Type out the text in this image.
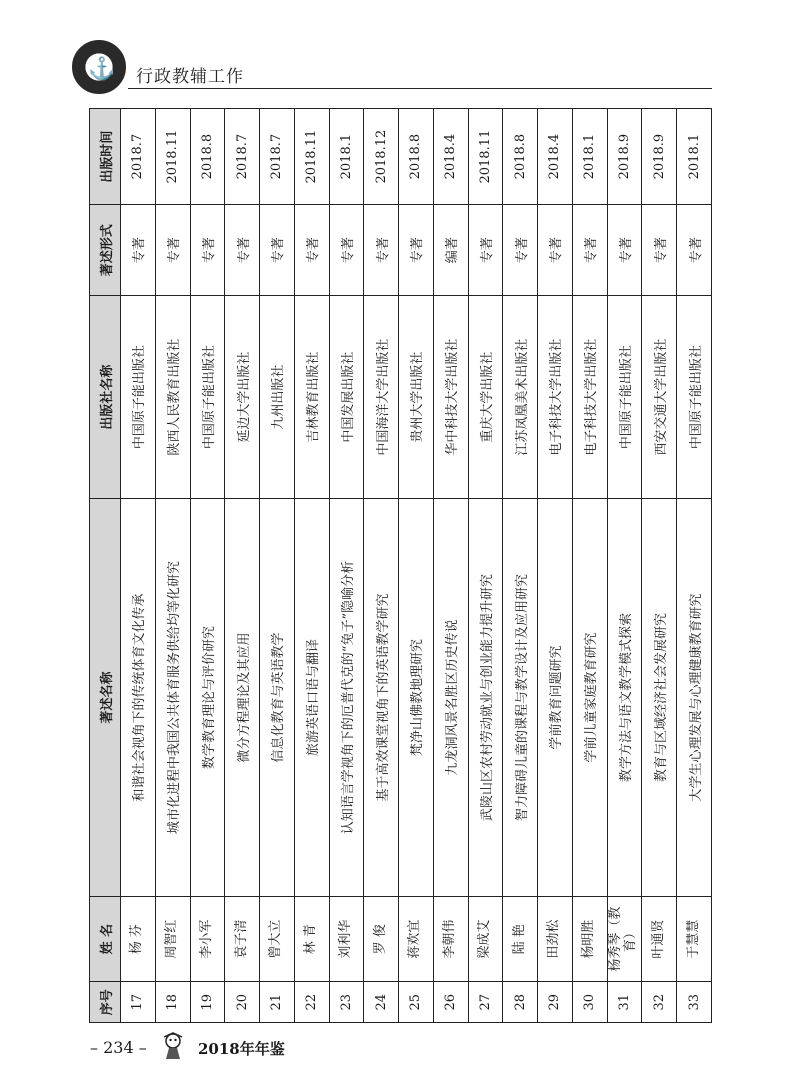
⚓ 行政教辅工作
序号	姓 名	著述名称	出版社名称	著述形式	出版时间
17	杨 芬	和谐社会视角下的传统体育文化传承	中国原子能出版社	专著	2018.7
18	周智红	城市化进程中我国公共体育服务供给均等化研究	陕西人民教育出版社	专著	2018.11
19	李小军	数学教育理论与评价研究	中国原子能出版社	专著	2018.8
20	袁子清	微分方程理论及其应用	延边大学出版社	专著	2018.7
21	曾大立	信息化教育与英语教学	九州出版社	专著	2018.7
22	林 青	旅游英语口语与翻译	吉林教育出版社	专著	2018.11
23	刘利华	认知语言学视角下的厄普代克的“兔子”隐喻分析	中国发展出版社	专著	2018.1
24	罗 俊	基于高效课堂视角下的英语教学研究	中国海洋大学出版社	专著	2018.12
25	蒋欢宜	梵净山佛教地理研究	贵州大学出版社	专著	2018.8
26	李朝伟	九龙洞风景名胜区历史传说	华中科技大学出版社	编著	2018.4
27	梁成艾	武陵山区农村劳动就业与创业能力提升研究	重庆大学出版社	专著	2018.11
28	陆 艳	智力障碍儿童的课程与教学设计及应用研究	江苏凤凰美术出版社	专著	2018.8
29	田劲松	学前教育问题研究	电子科技大学出版社	专著	2018.4
30	杨明胜	学前儿童家庭教育研究	电子科技大学出版社	专著	2018.1
31	杨秀琴（教育）	教学方法与语文教学模式探索	中国原子能出版社	专著	2018.9
32	叶通贤	教育与区域经济社会发展研究	西安交通大学出版社	专著	2018.9
33	于慧慧	大学生心理发展与心理健康教育研究	中国原子能出版社	专著	2018.1
– 234 –	2018年年鉴
